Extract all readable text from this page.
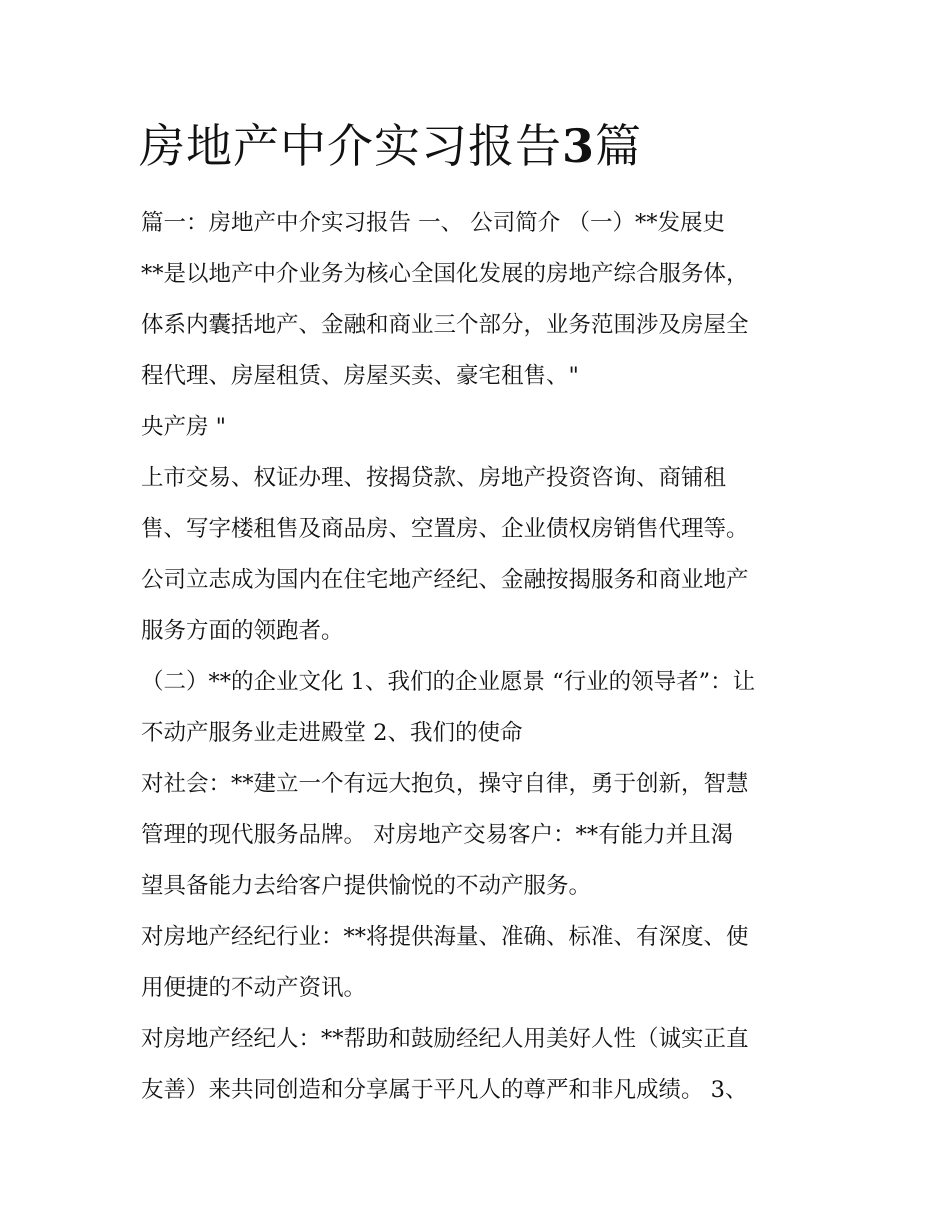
房地产中介实习报告3篇
篇一：房地产中介实习报告 一、 公司简介 （一）**发展史
**是以地产中介业务为核心全国化发展的房地产综合服务体，
体系内囊括地产、金融和商业三个部分，业务范围涉及房屋全
程代理、房屋租赁、房屋买卖、豪宅租售、"
央产房 "
上市交易、权证办理、按揭贷款、房地产投资咨询、商铺租
售、写字楼租售及商品房、空置房、企业债权房销售代理等。
公司立志成为国内在住宅地产经纪、金融按揭服务和商业地产
服务方面的领跑者。
（二）**的企业文化 1、我们的企业愿景 “行业的领导者”：让
不动产服务业走进殿堂 2、我们的使命
对社会：**建立一个有远大抱负，操守自律，勇于创新，智慧
管理的现代服务品牌。 对房地产交易客户：**有能力并且渴
望具备能力去给客户提供愉悦的不动产服务。
对房地产经纪行业：**将提供海量、准确、标准、有深度、使
用便捷的不动产资讯。
对房地产经纪人：**帮助和鼓励经纪人用美好人性（诚实正直
友善）来共同创造和分享属于平凡人的尊严和非凡成绩。 3、
